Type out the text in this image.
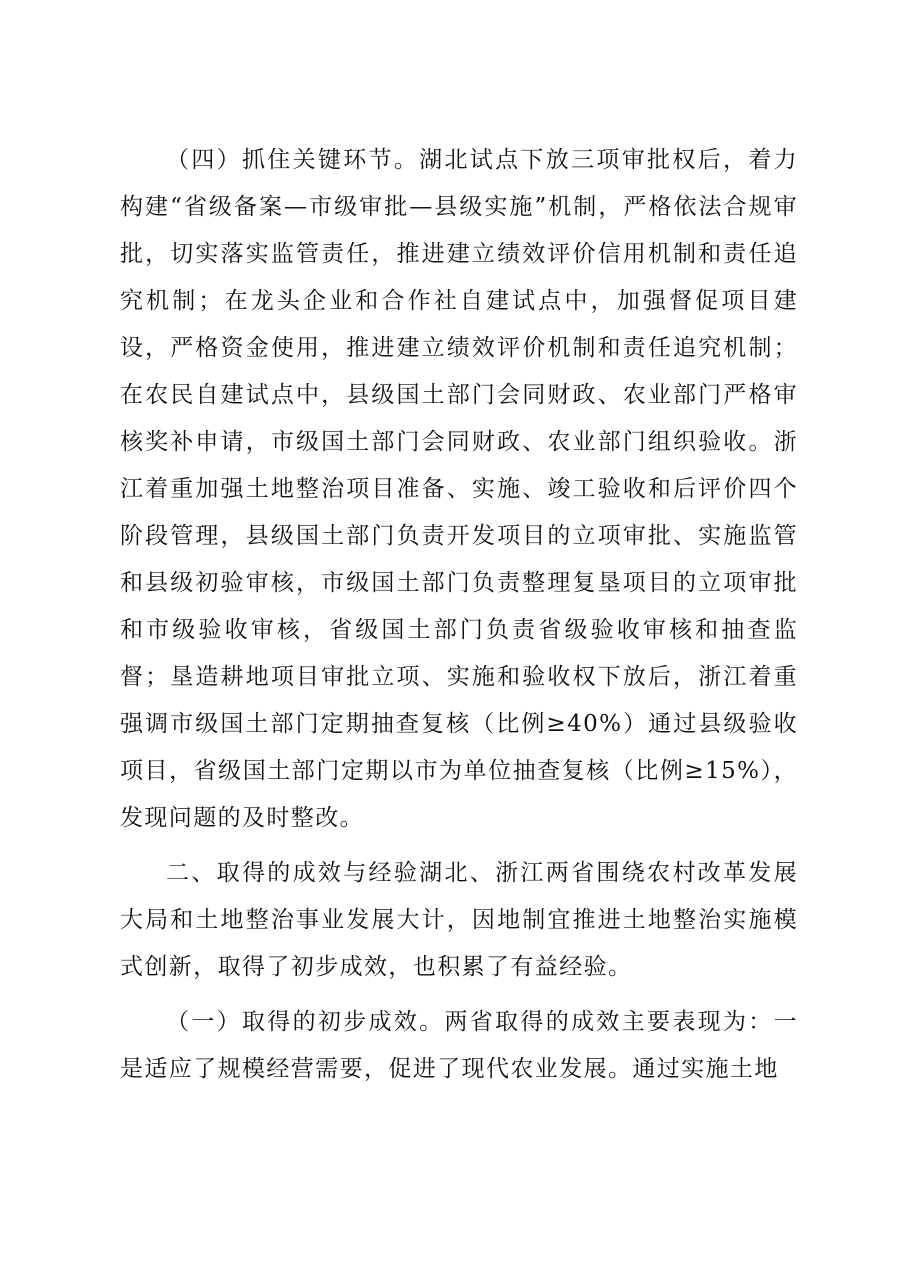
（四）抓住关键环节。湖北试点下放三项审批权后，着力构建“省级备案—市级审批—县级实施”机制，严格依法合规审批，切实落实监管责任，推进建立绩效评价信用机制和责任追究机制；在龙头企业和合作社自建试点中，加强督促项目建设，严格资金使用，推进建立绩效评价机制和责任追究机制；在农民自建试点中，县级国土部门会同财政、农业部门严格审核奖补申请，市级国土部门会同财政、农业部门组织验收。浙江着重加强土地整治项目准备、实施、竣工验收和后评价四个阶段管理，县级国土部门负责开发项目的立项审批、实施监管和县级初验审核，市级国土部门负责整理复垦项目的立项审批和市级验收审核，省级国土部门负责省级验收审核和抽查监督；垦造耕地项目审批立项、实施和验收权下放后，浙江着重强调市级国土部门定期抽查复核（比例≥40%）通过县级验收项目，省级国土部门定期以市为单位抽查复核（比例≥15%），发现问题的及时整改。

二、取得的成效与经验湖北、浙江两省围绕农村改革发展大局和土地整治事业发展大计，因地制宜推进土地整治实施模式创新，取得了初步成效，也积累了有益经验。

（一）取得的初步成效。两省取得的成效主要表现为：一是适应了规模经营需要，促进了现代农业发展。通过实施土地
